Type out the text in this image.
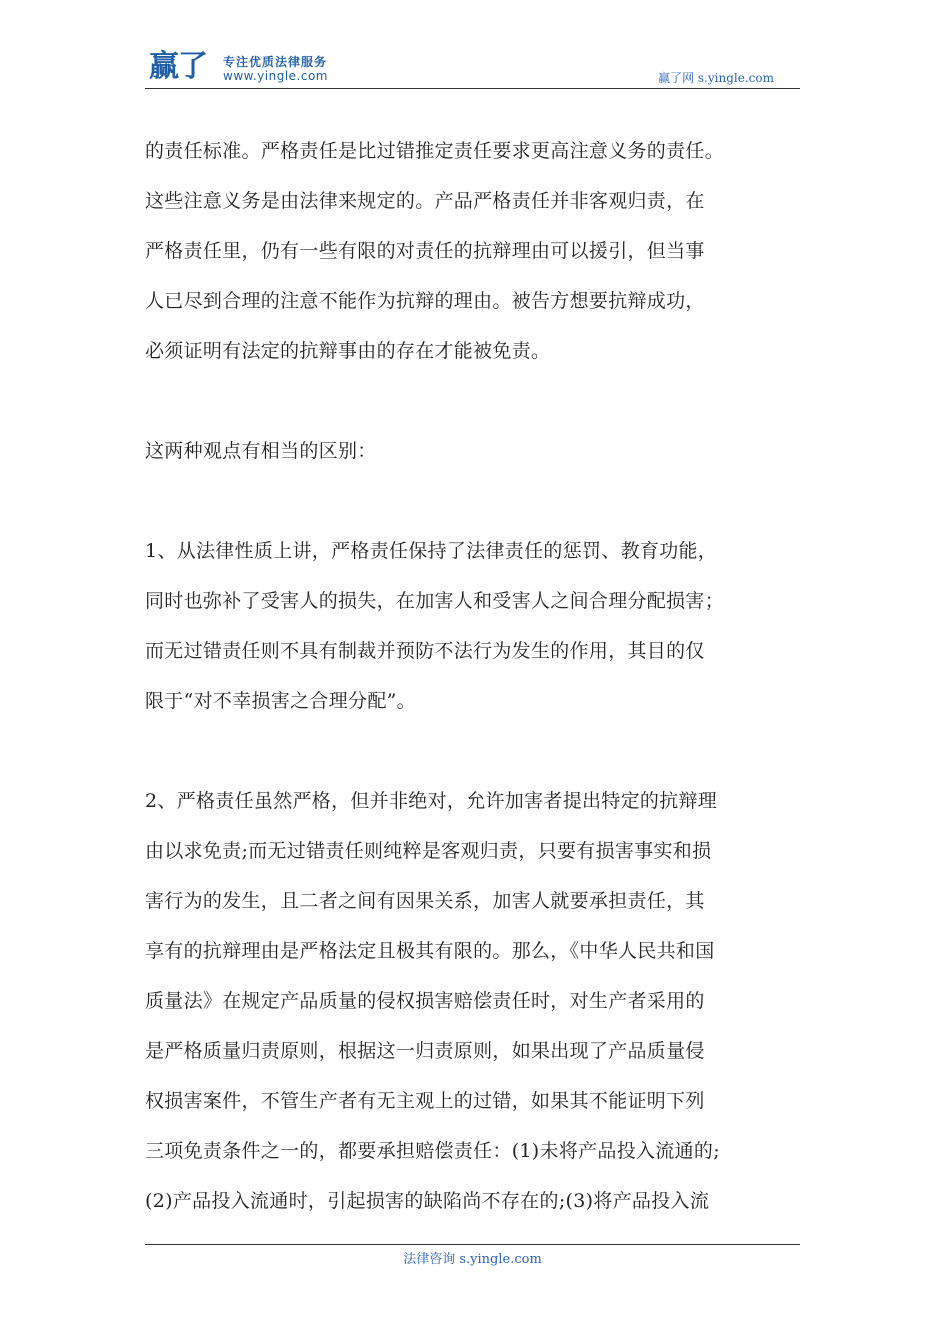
赢了 专注优质法律服务
www.yingle.com	赢了网 s.yingle.com

的责任标准。严格责任是比过错推定责任要求更高注意义务的责任。
这些注意义务是由法律来规定的。产品严格责任并非客观归责，在
严格责任里，仍有一些有限的对责任的抗辩理由可以援引，但当事
人已尽到合理的注意不能作为抗辩的理由。被告方想要抗辩成功，
必须证明有法定的抗辩事由的存在才能被免责。

这两种观点有相当的区别：

1、从法律性质上讲，严格责任保持了法律责任的惩罚、教育功能，
同时也弥补了受害人的损失，在加害人和受害人之间合理分配损害；
而无过错责任则不具有制裁并预防不法行为发生的作用，其目的仅
限于“对不幸损害之合理分配”。

2、严格责任虽然严格，但并非绝对，允许加害者提出特定的抗辩理
由以求免责;而无过错责任则纯粹是客观归责，只要有损害事实和损
害行为的发生，且二者之间有因果关系，加害人就要承担责任，其
享有的抗辩理由是严格法定且极其有限的。那么，《中华人民共和国
质量法》在规定产品质量的侵权损害赔偿责任时，对生产者采用的
是严格质量归责原则，根据这一归责原则，如果出现了产品质量侵
权损害案件，不管生产者有无主观上的过错，如果其不能证明下列
三项免责条件之一的，都要承担赔偿责任：(1)未将产品投入流通的;
(2)产品投入流通时，引起损害的缺陷尚不存在的;(3)将产品投入流

法律咨询 s.yingle.com
